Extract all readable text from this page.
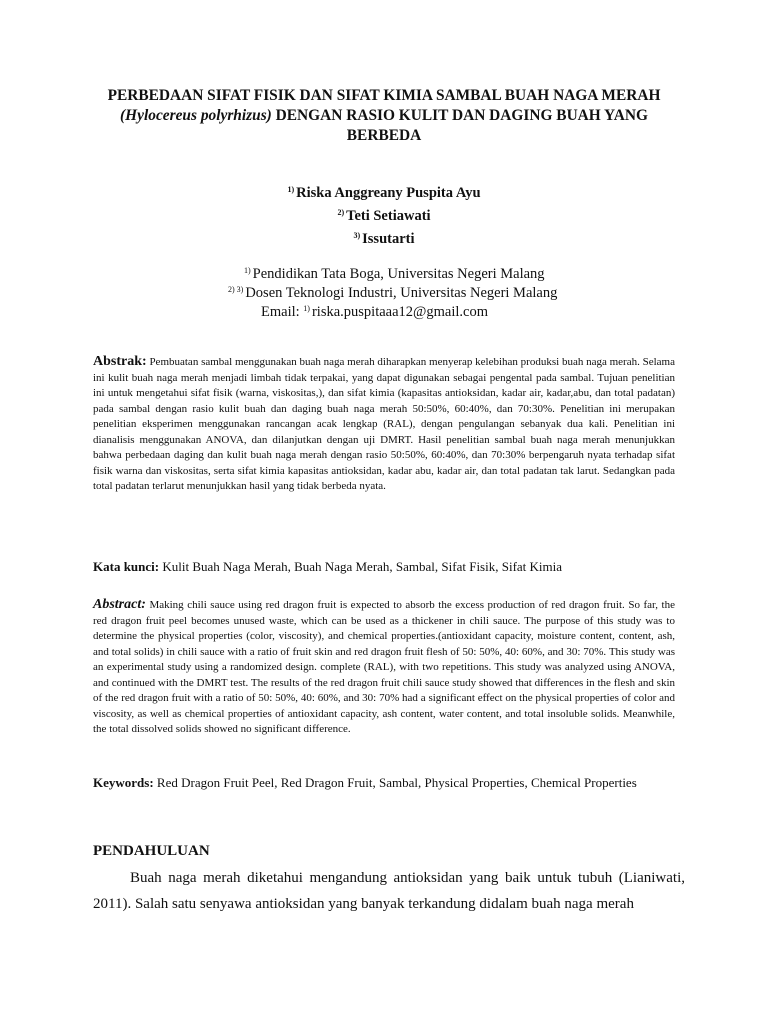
PERBEDAAN SIFAT FISIK DAN SIFAT KIMIA SAMBAL BUAH NAGA MERAH
(Hylocereus polyrhizus) DENGAN RASIO KULIT DAN DAGING BUAH YANG BERBEDA
$^{1)}$ Riska Anggreany Puspita Ayu
$^{2)}$ Teti Setiawati
$^{3)}$ Issutarti
$^{1)}$ Pendidikan Tata Boga, Universitas Negeri Malang
$^{2) 3)}$ Dosen Teknologi Industri, Universitas Negeri Malang
Email: $^{1)}$ riska.puspitaaa12@gmail.com
Abstrak: Pembuatan sambal menggunakan buah naga merah diharapkan menyerap kelebihan produksi buah naga merah. Selama ini kulit buah naga merah menjadi limbah tidak terpakai, yang dapat digunakan sebagai pengental pada sambal. Tujuan penelitian ini untuk mengetahui sifat fisik (warna, viskositas,), dan sifat kimia (kapasitas antioksidan, kadar air, kadar,abu, dan total padatan) pada sambal dengan rasio kulit buah dan daging buah naga merah 50:50%, 60:40%, dan 70:30%. Penelitian ini merupakan penelitian eksperimen menggunakan rancangan acak lengkap (RAL), dengan pengulangan sebanyak dua kali. Penelitian ini dianalisis menggunakan ANOVA, dan dilanjutkan dengan uji DMRT. Hasil penelitian sambal buah naga merah menunjukkan bahwa perbedaan daging dan kulit buah naga merah dengan rasio 50:50%, 60:40%, dan 70:30% berpengaruh nyata terhadap sifat fisik warna dan viskositas, serta sifat kimia kapasitas antioksidan, kadar abu, kadar air, dan total padatan tak larut. Sedangkan pada total padatan terlarut menunjukkan hasil yang tidak berbeda nyata.
Kata kunci: Kulit Buah Naga Merah, Buah Naga Merah, Sambal, Sifat Fisik, Sifat Kimia
Abstract: Making chili sauce using red dragon fruit is expected to absorb the excess production of red dragon fruit. So far, the red dragon fruit peel becomes unused waste, which can be used as a thickener in chili sauce. The purpose of this study was to determine the physical properties (color, viscosity), and chemical properties.(antioxidant capacity, moisture content, content, ash, and total solids) in chili sauce with a ratio of fruit skin and red dragon fruit flesh of 50: 50%, 40: 60%, and 30: 70%. This study was an experimental study using a randomized design. complete (RAL), with two repetitions. This study was analyzed using ANOVA, and continued with the DMRT test. The results of the red dragon fruit chili sauce study showed that differences in the flesh and skin of the red dragon fruit with a ratio of 50: 50%, 40: 60%, and 30: 70% had a significant effect on the physical properties of color and viscosity, as well as chemical properties of antioxidant capacity, ash content, water content, and total insoluble solids. Meanwhile, the total dissolved solids showed no significant difference.
Keywords: Red Dragon Fruit Peel, Red Dragon Fruit, Sambal, Physical Properties, Chemical Properties
PENDAHULUAN
Buah naga merah diketahui mengandung antioksidan yang baik untuk tubuh (Lianiwati, 2011). Salah satu senyawa antioksidan yang banyak terkandung didalam buah naga merah
